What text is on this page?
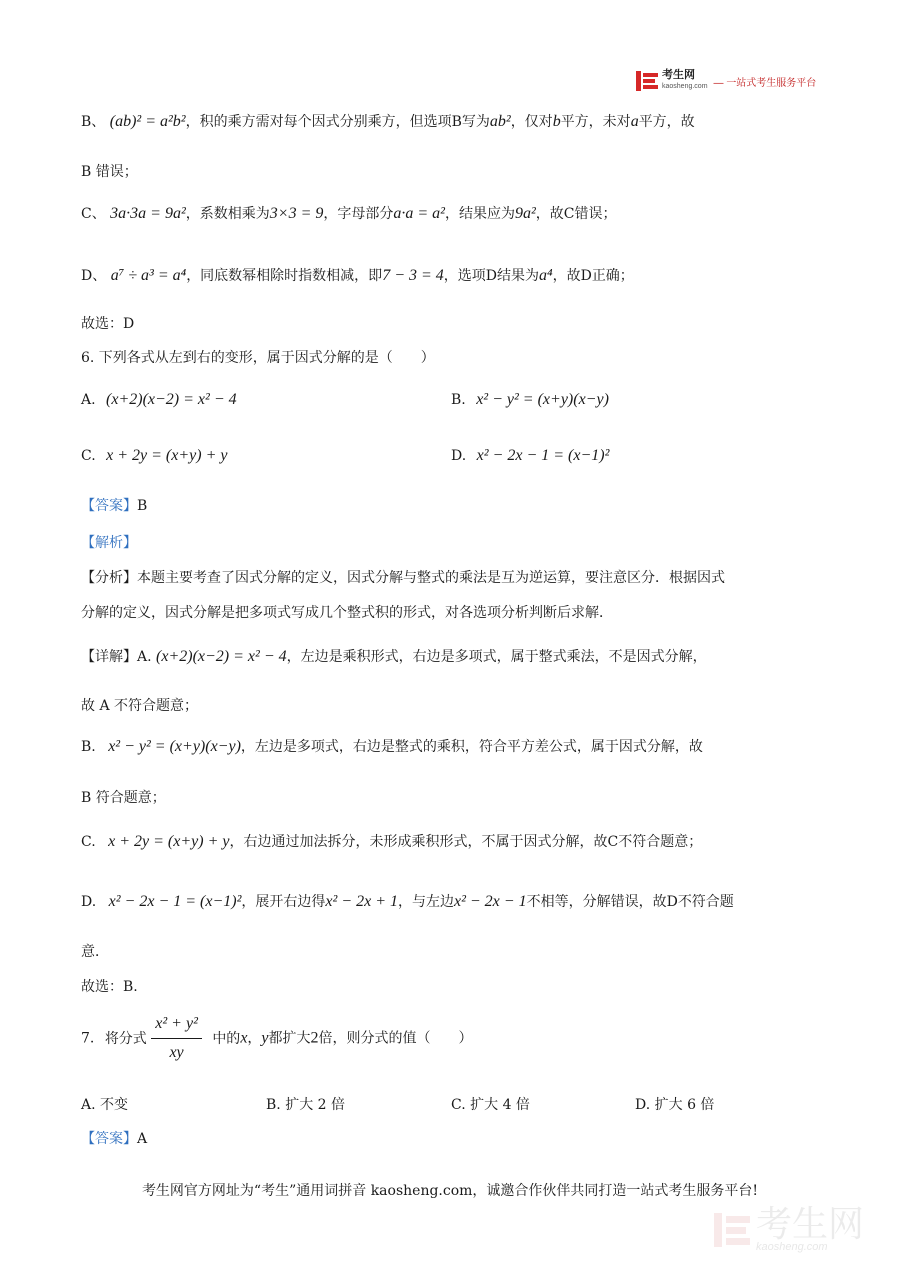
考生网
kaosheng.com — 一站式考生服务平台
B、 (ab)² = a²b²，积的乘方需对每个因式分别乘方，但选项B写为ab²，仅对b平方，未对a平方，故
B 错误；
C、 3a·3a = 9a²，系数相乘为3×3 = 9，字母部分a·a = a²，结果应为9a²，故C错误；
D、 a⁷ ÷ a³ = a⁴，同底数幂相除时指数相减，即7 − 3 = 4，选项D结果为a⁴，故D正确；
故选：D
6. 下列各式从左到右的变形，属于因式分解的是（　　）
A. (x+2)(x−2) = x² − 4	B. x² − y² = (x+y)(x−y)
C. x + 2y = (x+y) + y	D. x² − 2x − 1 = (x−1)²
【答案】B
【解析】
【分析】本题主要考查了因式分解的定义，因式分解与整式的乘法是互为逆运算，要注意区分．根据因式
分解的定义，因式分解是把多项式写成几个整式积的形式，对各选项分析判断后求解．
【详解】A. (x+2)(x−2) = x² − 4，左边是乘积形式，右边是多项式，属于整式乘法，不是因式分解，
故 A 不符合题意；
B. x² − y² = (x+y)(x−y)，左边是多项式，右边是整式的乘积，符合平方差公式，属于因式分解，故
B 符合题意；
C. x + 2y = (x+y) + y，右边通过加法拆分，未形成乘积形式，不属于因式分解，故C不符合题意；
D. x² − 2x − 1 = (x−1)²，展开右边得x² − 2x + 1，与左边x² − 2x − 1不相等，分解错误，故D不符合题
意．
故选：B.
7. 将分式 $\frac{\text{x² + y²}}{xy}$ 中的x，y都扩大2倍，则分式的值（　　）
A. 不变	B. 扩大 2 倍	C. 扩大 4 倍	D. 扩大 6 倍
【答案】A
考生网官方网址为“考生”通用词拼音 kaosheng.com，诚邀合作伙伴共同打造一站式考生服务平台!
考生网
kaosheng.com
